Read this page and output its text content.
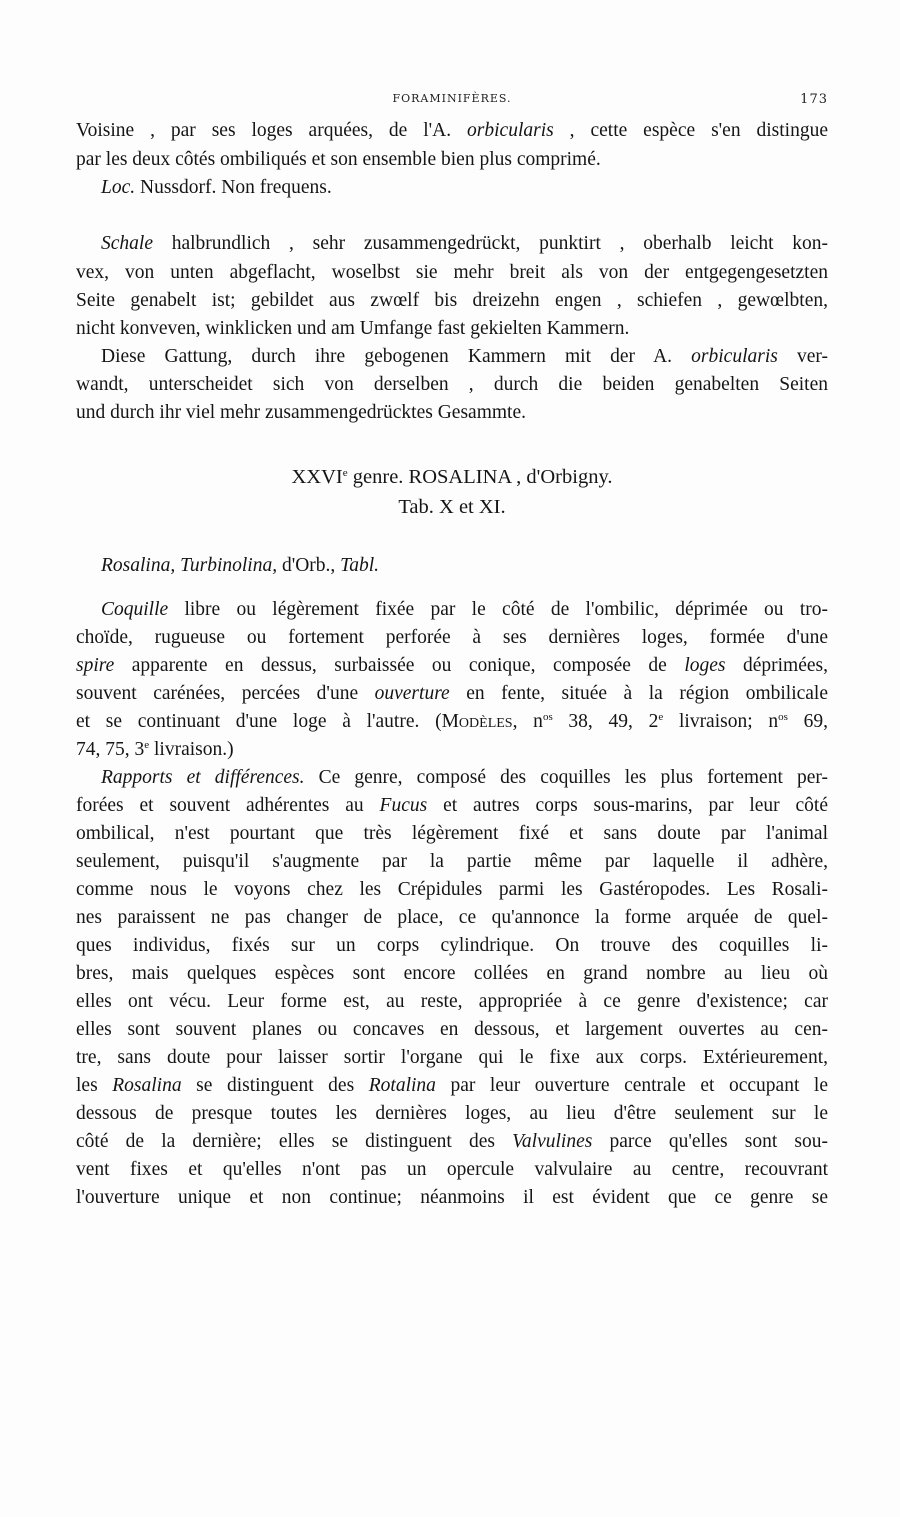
FORAMINIFÈRES.	173
Voisine , par ses loges arquées, de l'A. orbicularis , cette espèce s'en distingue
par les deux côtés ombiliqués et son ensemble bien plus comprimé.
Loc. Nussdorf. Non frequens.
Schale halbrundlich , sehr zusammengedrückt, punktirt , oberhalb leicht kon-
vex, von unten abgeflacht, woselbst sie mehr breit als von der entgegengesetzten
Seite genabelt ist; gebildet aus zwœlf bis dreizehn engen , schiefen , gewœlbten,
nicht konveven, winklicken und am Umfange fast gekielten Kammern.
Diese Gattung, durch ihre gebogenen Kammern mit der A. orbicularis ver-
wandt, unterscheidet sich von derselben , durch die beiden genabelten Seiten
und durch ihr viel mehr zusammengedrücktes Gesammte.
XXVIe genre. ROSALINA , d'Orbigny.
Tab. X et XI.
Rosalina, Turbinolina, d'Orb., Tabl.
Coquille libre ou légèrement fixée par le côté de l'ombilic, déprimée ou tro-
choïde, rugueuse ou fortement perforée à ses dernières loges, formée d'une
spire apparente en dessus, surbaissée ou conique, composée de loges déprimées,
souvent carénées, percées d'une ouverture en fente, située à la région ombilicale
et se continuant d'une loge à l'autre. (Modèles, $n^{os}$ 38, 49, 2e livraison; $n^{os}$ 69,
74, 75, 3e livraison.)
Rapports et différences. Ce genre, composé des coquilles les plus fortement per-
forées et souvent adhérentes au Fucus et autres corps sous-marins, par leur côté
ombilical, n'est pourtant que très légèrement fixé et sans doute par l'animal
seulement, puisqu'il s'augmente par la partie même par laquelle il adhère,
comme nous le voyons chez les Crépidules parmi les Gastéropodes. Les Rosali-
nes paraissent ne pas changer de place, ce qu'annonce la forme arquée de quel-
ques individus, fixés sur un corps cylindrique. On trouve des coquilles li-
bres, mais quelques espèces sont encore collées en grand nombre au lieu où
elles ont vécu. Leur forme est, au reste, appropriée à ce genre d'existence; car
elles sont souvent planes ou concaves en dessous, et largement ouvertes au cen-
tre, sans doute pour laisser sortir l'organe qui le fixe aux corps. Extérieurement,
les Rosalina se distinguent des Rotalina par leur ouverture centrale et occupant le
dessous de presque toutes les dernières loges, au lieu d'être seulement sur le
côté de la dernière; elles se distinguent des Valvulines parce qu'elles sont sou-
vent fixes et qu'elles n'ont pas un opercule valvulaire au centre, recouvrant
l'ouverture unique et non continue; néanmoins il est évident que ce genre se
